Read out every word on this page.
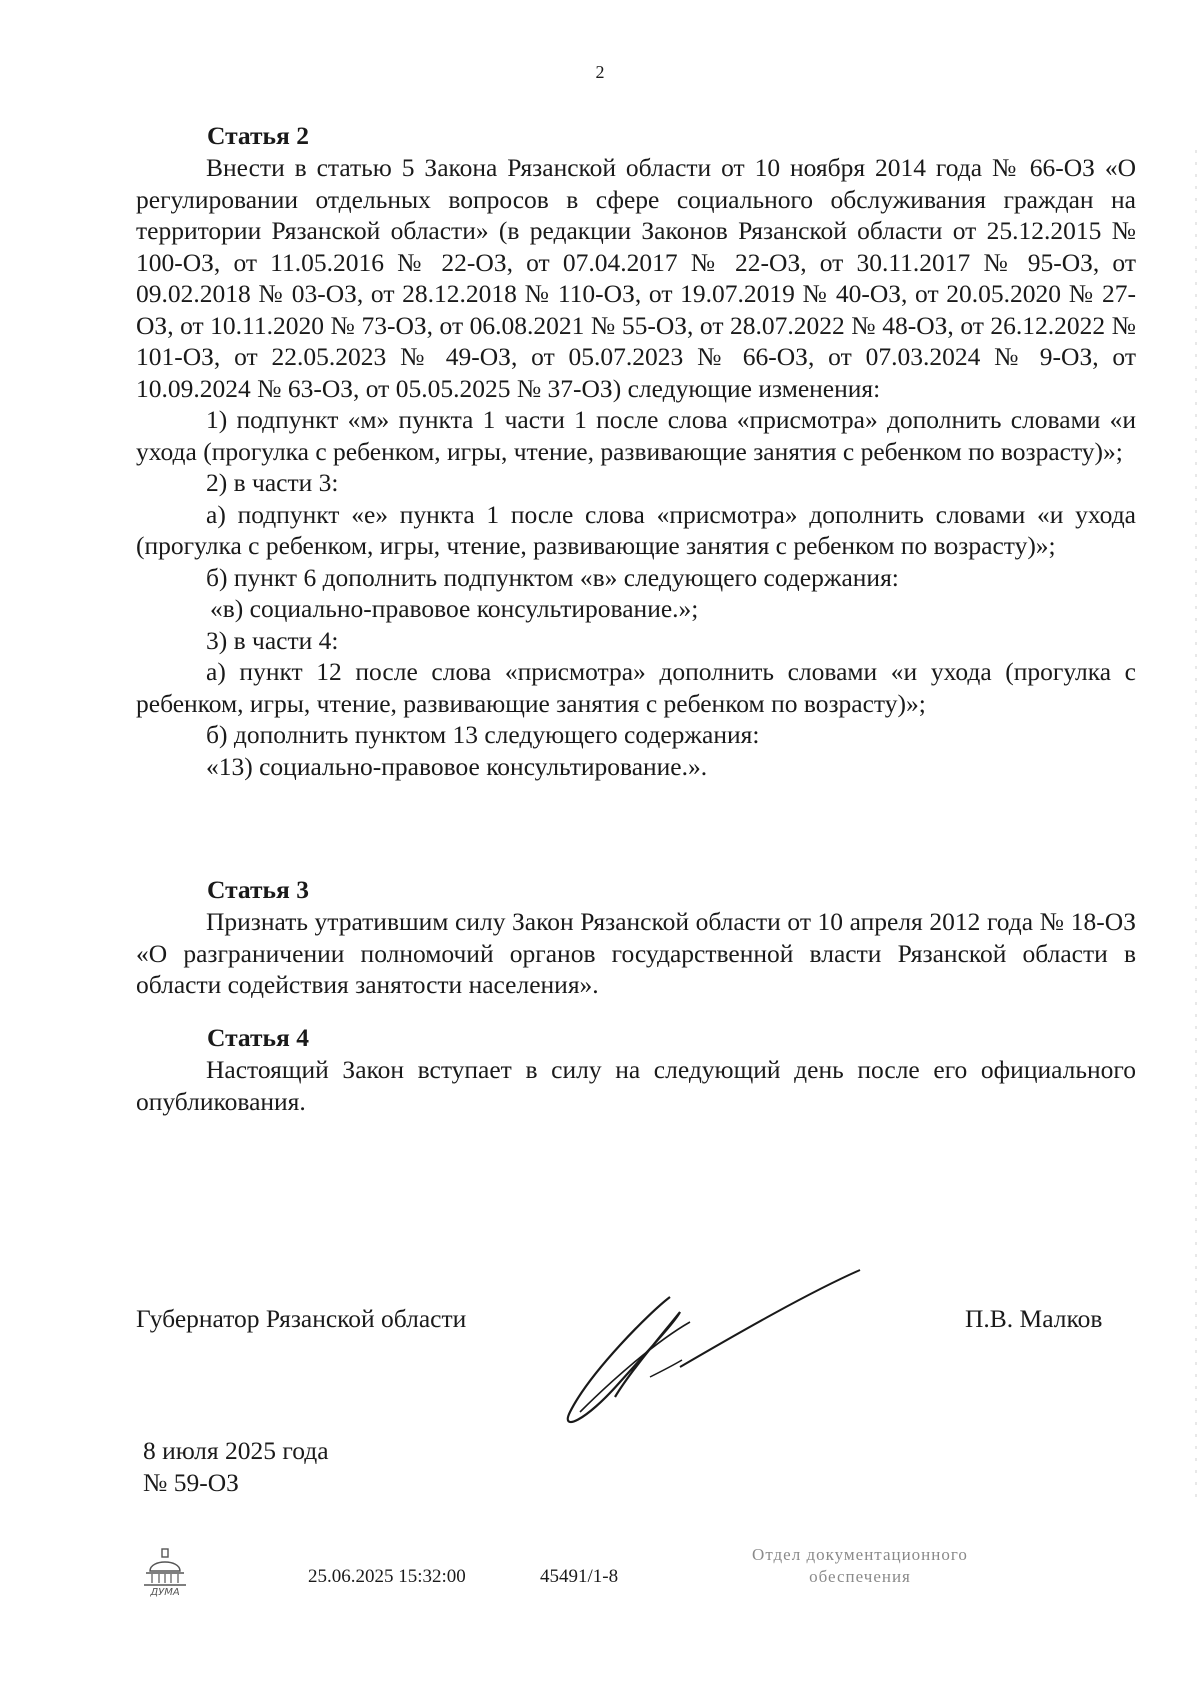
2
Статья 2

Внести в статью 5 Закона Рязанской области от 10 ноября 2014 года № 66-ОЗ «О регулировании отдельных вопросов в сфере социального обслуживания граждан на территории Рязанской области» (в редакции Законов Рязанской области от 25.12.2015 № 100-ОЗ, от 11.05.2016 № 22-ОЗ, от 07.04.2017 № 22-ОЗ, от 30.11.2017 № 95-ОЗ, от 09.02.2018 № 03-ОЗ, от 28.12.2018 № 110-ОЗ, от 19.07.2019 № 40-ОЗ, от 20.05.2020 № 27-ОЗ, от 10.11.2020 № 73-ОЗ, от 06.08.2021 № 55-ОЗ, от 28.07.2022 № 48-ОЗ, от 26.12.2022 № 101-ОЗ, от 22.05.2023 № 49-ОЗ, от 05.07.2023 № 66-ОЗ, от 07.03.2024 № 9-ОЗ, от 10.09.2024 № 63-ОЗ, от 05.05.2025 № 37-ОЗ) следующие изменения:

1) подпункт «м» пункта 1 части 1 после слова «присмотра» дополнить словами «и ухода (прогулка с ребенком, игры, чтение, развивающие занятия с ребенком по возрасту)»;

2) в части 3:

а) подпункт «е» пункта 1 после слова «присмотра» дополнить словами «и ухода (прогулка с ребенком, игры, чтение, развивающие занятия с ребенком по возрасту)»;

б) пункт 6 дополнить подпунктом «в» следующего содержания:

«в) социально-правовое консультирование.»;

3) в части 4:

а) пункт 12 после слова «присмотра» дополнить словами «и ухода (прогулка с ребенком, игры, чтение, развивающие занятия с ребенком по возрасту)»;

б) дополнить пунктом 13 следующего содержания:

«13) социально-правовое консультирование.».

Статья 3

Признать утратившим силу Закон Рязанской области от 10 апреля 2012 года № 18-ОЗ «О разграничении полномочий органов государственной власти Рязанской области в области содействия занятости населения».

Статья 4

Настоящий Закон вступает в силу на следующий день после его официального опубликования.

Губернатор Рязанской области	П.В. Малков
8 июля 2025 года
№ 59-ОЗ
ДУМА
25.06.2025 15:32:00	45491/1-8
Отдел документационного
обеспечения
